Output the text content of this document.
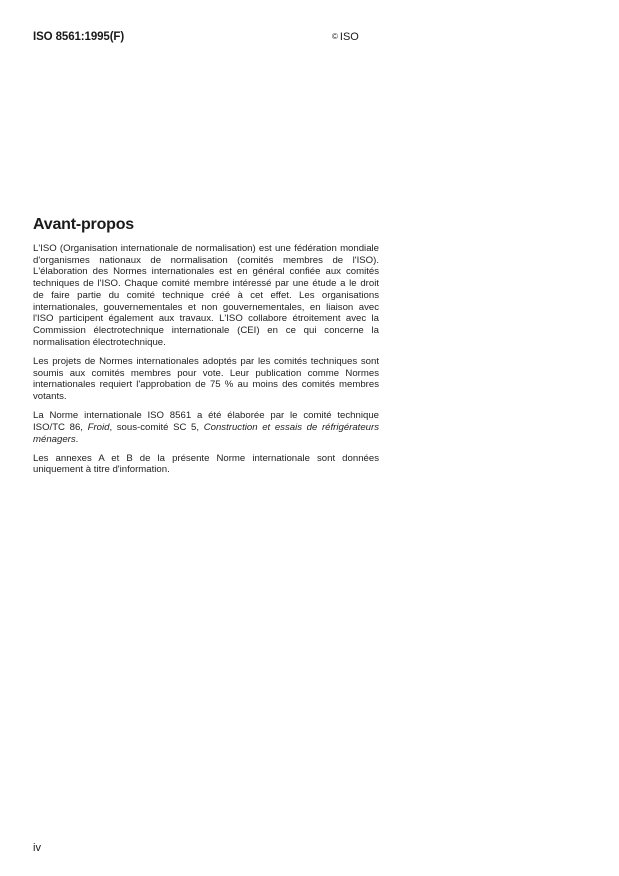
ISO 8561:1995(F)	© ISO
Avant-propos

L'ISO (Organisation internationale de normalisation) est une fédération mondiale d'organismes nationaux de normalisation (comités membres de l'ISO). L'élaboration des Normes internationales est en général confiée aux comités techniques de l'ISO. Chaque comité membre intéressé par une étude a le droit de faire partie du comité technique créé à cet effet. Les organisations internationales, gouvernementales et non gouvernementales, en liaison avec l'ISO participent également aux travaux. L'ISO collabore étroitement avec la Commission électrotechnique internationale (CEI) en ce qui concerne la normalisation électrotechnique.

Les projets de Normes internationales adoptés par les comités techniques sont soumis aux comités membres pour vote. Leur publication comme Normes internationales requiert l'approbation de 75 % au moins des comités membres votants.

La Norme internationale ISO 8561 a été élaborée par le comité technique ISO/TC 86, Froid, sous-comité SC 5, Construction et essais de réfrigérateurs ménagers.

Les annexes A et B de la présente Norme internationale sont données uniquement à titre d'information.

iv
